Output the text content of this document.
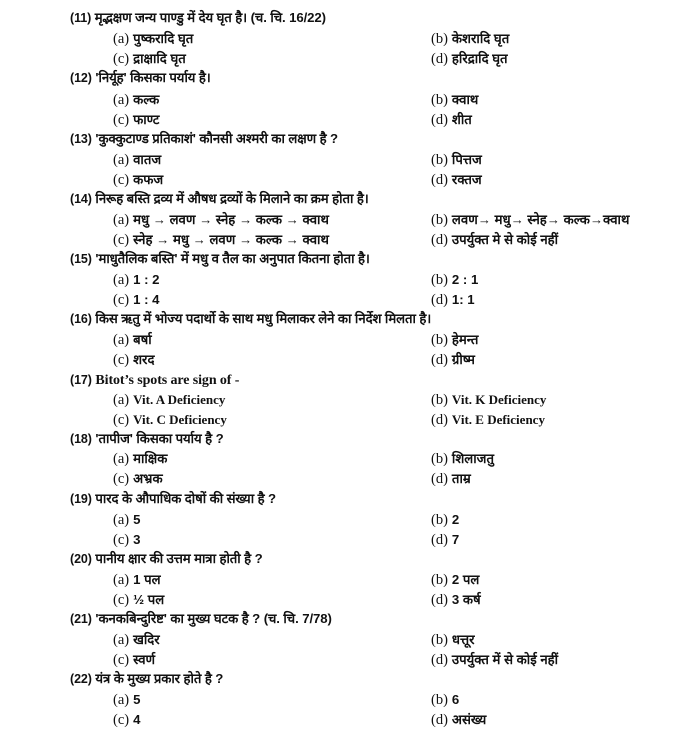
(11) मृद्भक्षण जन्य पाण्डु में देय घृत है। (च. चि. 16/22)
(a) पुष्करादि घृत	(b) केशरादि घृत
(c) द्राक्षादि घृत	(d) हरिद्रादि घृत
(12) 'निर्यूह' किसका पर्याय है।
(a) कल्क	(b) क्वाथ
(c) फाण्ट	(d) शीत
(13) 'कुक्कुटाण्ड प्रतिकाशं' कौनसी अश्मरी का लक्षण है ?
(a) वातज	(b) पित्तज
(c) कफज	(d) रक्तज
(14) निरूह बस्ति द्रव्य में औषध द्रव्यों के मिलाने का क्रम होता है।
(a) मधु → लवण → स्नेह → कल्क → क्वाथ	(b) लवण→ मधु→ स्नेह→ कल्क→क्वाथ
(c) स्नेह → मधु → लवण → कल्क → क्वाथ	(d) उपर्युक्त मे से कोई नहीं
(15) 'माधुतैलिक बस्ति' में मधु व तैल का अनुपात कितना होता है।
(a) 1 : 2	(b) 2 : 1
(c) 1 : 4	(d) 1: 1
(16) किस ऋतु में भोज्य पदार्थो के साथ मधु मिलाकर लेने का निर्देश मिलता है।
(a) बर्षा	(b) हेमन्त
(c) शरद	(d) ग्रीष्म
(17) Bitot’s spots are sign of -
(a) Vit. A Deficiency	(b) Vit. K Deficiency
(c) Vit. C Deficiency	(d) Vit. E Deficiency
(18) 'तापीज' किसका पर्याय है ?
(a) माक्षिक	(b) शिलाजतु
(c) अभ्रक	(d) ताम्र
(19) पारद के औपाधिक दोषों की संख्या है ?
(a) 5	(b) 2
(c) 3	(d) 7
(20) पानीय क्षार की उत्तम मात्रा होती है ?
(a) 1 पल	(b) 2 पल
(c) ½ पल	(d) 3 कर्ष
(21) 'कनकबिन्दुरिष्ट' का मुख्य घटक है ? (च. चि. 7/78)
(a) खदिर	(b) धत्तूर
(c) स्वर्ण	(d) उपर्युक्त में से कोई नहीं
(22) यंत्र के मुख्य प्रकार होते है ?
(a) 5	(b) 6
(c) 4	(d) असंख्य
